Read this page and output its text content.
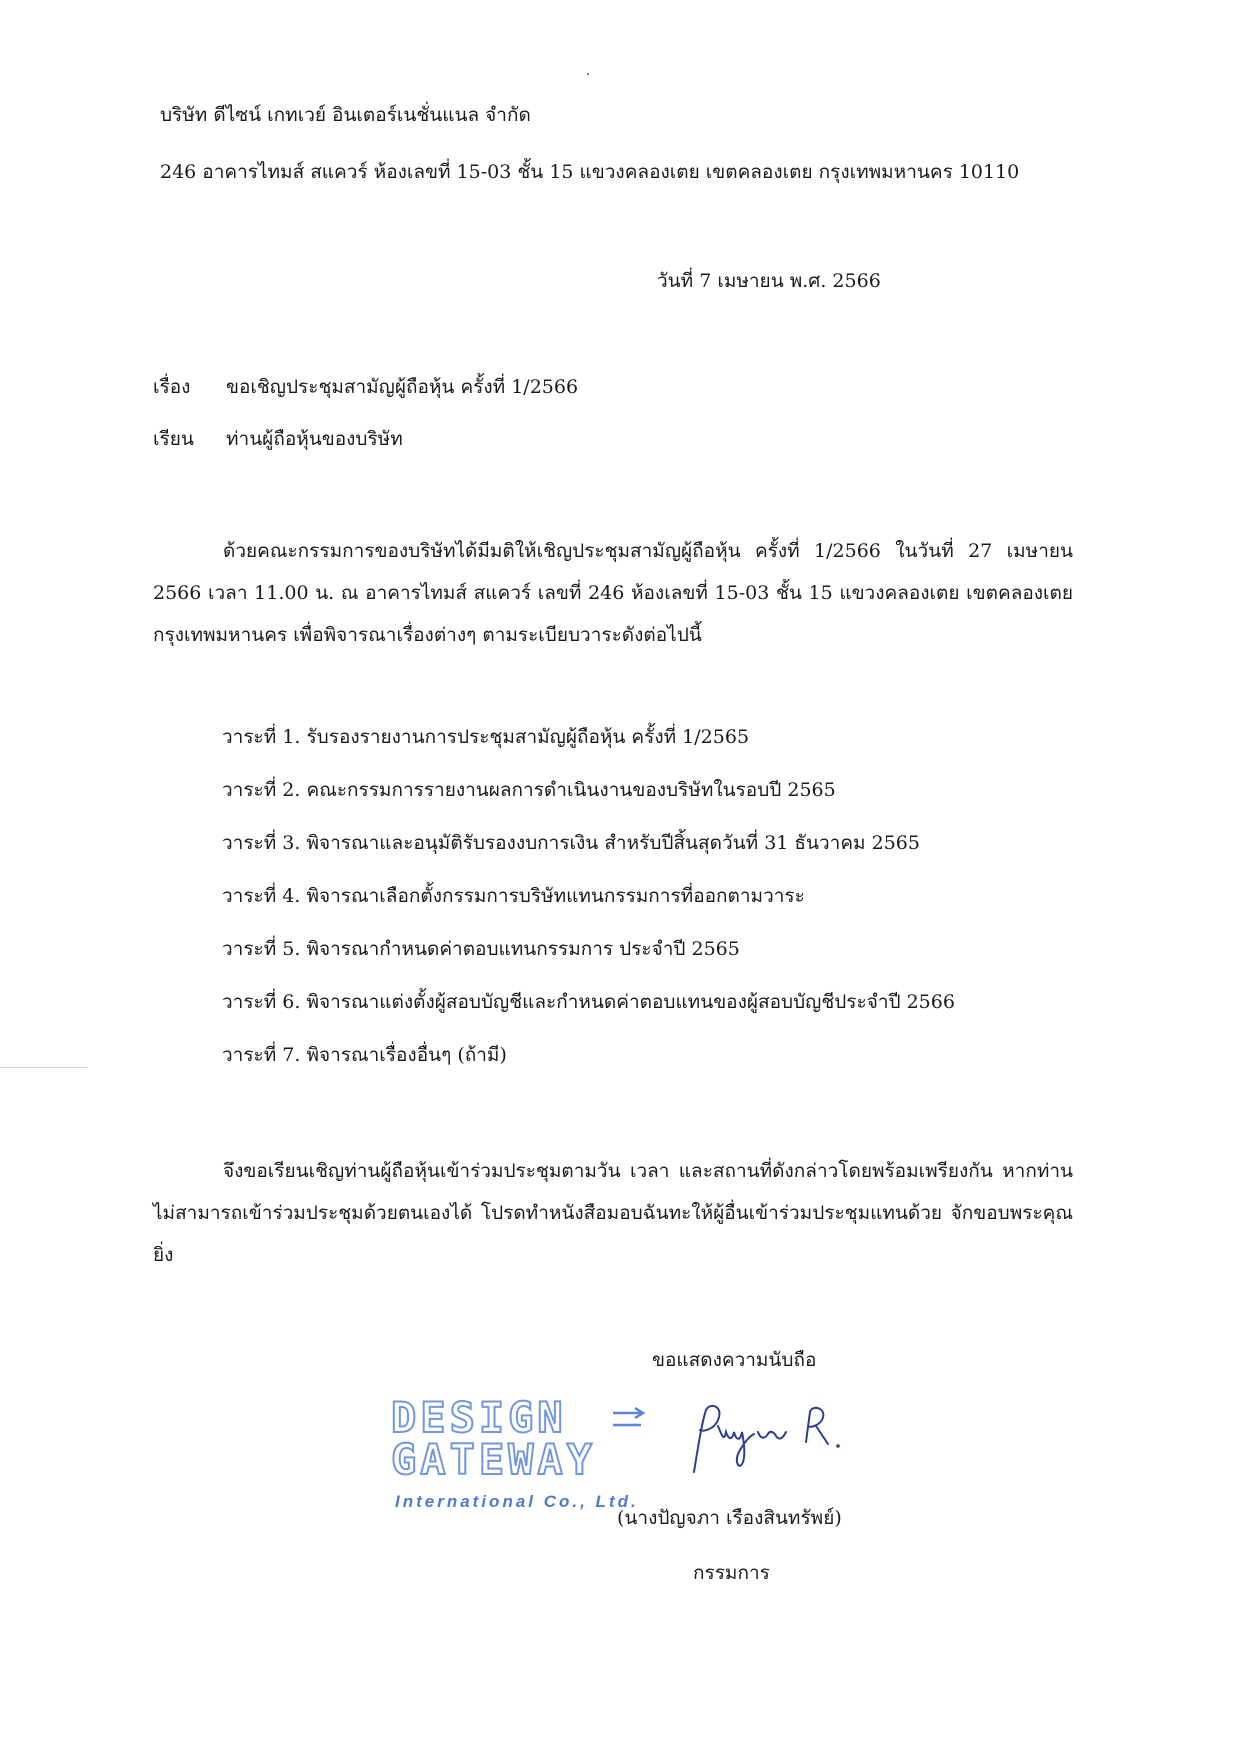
บริษัท ดีไซน์ เกทเวย์ อินเตอร์เนชั่นแนล จำกัด
246 อาคารไทมส์ สแควร์ ห้องเลขที่ 15-03 ชั้น 15 แขวงคลองเตย เขตคลองเตย กรุงเทพมหานคร 10110
วันที่ 7 เมษายน พ.ศ. 2566
เรื่อง ขอเชิญประชุมสามัญผู้ถือหุ้น ครั้งที่ 1/2566
เรียน ท่านผู้ถือหุ้นของบริษัท
ด้วยคณะกรรมการของบริษัทได้มีมติให้เชิญประชุมสามัญผู้ถือหุ้น ครั้งที่ 1/2566 ในวันที่ 27 เมษายน 2566 เวลา 11.00 น. ณ อาคารไทมส์ สแควร์ เลขที่ 246 ห้องเลขที่ 15-03 ชั้น 15 แขวงคลองเตย เขตคลองเตย กรุงเทพมหานคร เพื่อพิจารณาเรื่องต่างๆ ตามระเบียบวาระดังต่อไปนี้
วาระที่ 1. รับรองรายงานการประชุมสามัญผู้ถือหุ้น ครั้งที่ 1/2565
วาระที่ 2. คณะกรรมการรายงานผลการดำเนินงานของบริษัทในรอบปี 2565
วาระที่ 3. พิจารณาและอนุมัติรับรองงบการเงิน สำหรับปีสิ้นสุดวันที่ 31 ธันวาคม 2565
วาระที่ 4. พิจารณาเลือกตั้งกรรมการบริษัทแทนกรรมการที่ออกตามวาระ
วาระที่ 5. พิจารณากำหนดค่าตอบแทนกรรมการ ประจำปี 2565
วาระที่ 6. พิจารณาแต่งตั้งผู้สอบบัญชีและกำหนดค่าตอบแทนของผู้สอบบัญชีประจำปี 2566
วาระที่ 7. พิจารณาเรื่องอื่นๆ (ถ้ามี)
จึงขอเรียนเชิญท่านผู้ถือหุ้นเข้าร่วมประชุมตามวัน เวลา และสถานที่ดังกล่าวโดยพร้อมเพรียงกัน หากท่านไม่สามารถเข้าร่วมประชุมด้วยตนเองได้ โปรดทำหนังสือมอบฉันทะให้ผู้อื่นเข้าร่วมประชุมแทนด้วย จักขอบพระคุณยิ่ง
ขอแสดงความนับถือ
DESIGN
GATEWAY
International Co., Ltd.
(นางปัญจภา เรืองสินทรัพย์)
กรรมการ
